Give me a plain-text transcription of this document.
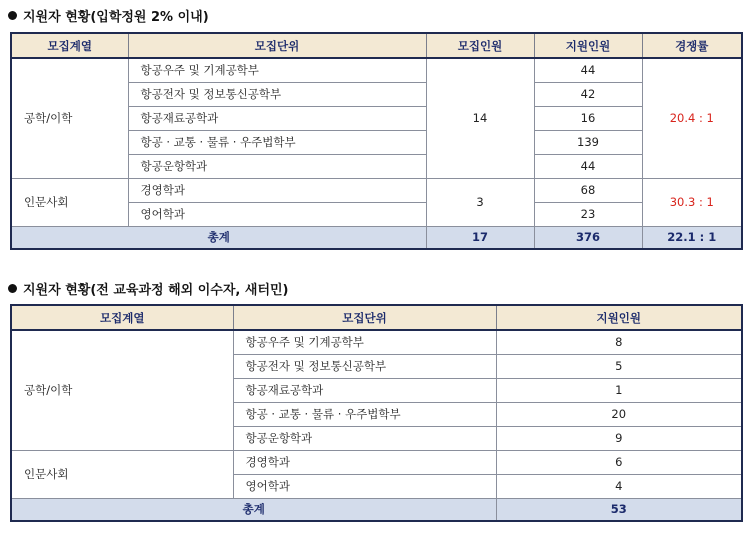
지원자 현황(입학정원 2% 이내)
모집계열	모집단위	모집인원	지원인원	경쟁률
공학/이학	항공우주 및 기계공학부	14	44	20.4 : 1
	항공전자 및 정보통신공학부		42	
	항공재료공학과		16	
	항공 · 교통 · 물류 · 우주법학부		139	
	항공운항학과		44	
인문사회	경영학과	3	68	30.3 : 1
	영어학과		23	
총계		17	376	22.1 : 1
지원자 현황(전 교육과정 해외 이수자, 새터민)
모집계열	모집단위	지원인원
공학/이학	항공우주 및 기계공학부	8
	항공전자 및 정보통신공학부	5
	항공재료공학과	1
	항공 · 교통 · 물류 · 우주법학부	20
	항공운항학과	9
인문사회	경영학과	6
	영어학과	4
총계		53
